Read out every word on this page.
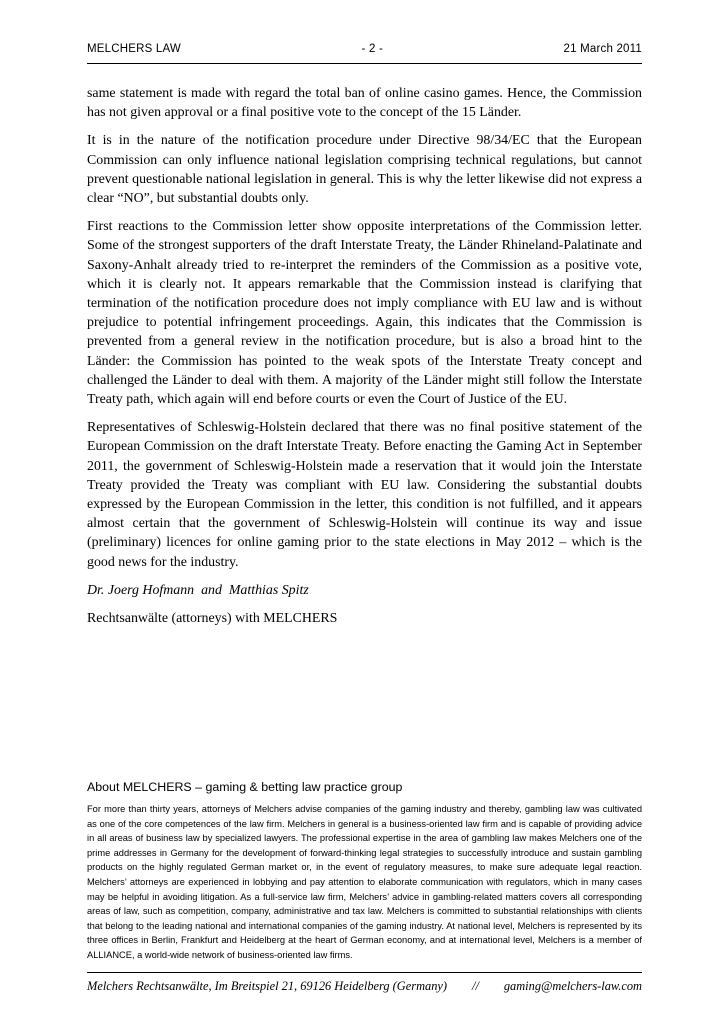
MELCHERS LAW	- 2 -	21 March 2011

same statement is made with regard the total ban of online casino games. Hence, the Commission has not given approval or a final positive vote to the concept of the 15 Länder.

It is in the nature of the notification procedure under Directive 98/34/EC that the European Commission can only influence national legislation comprising technical regulations, but cannot prevent questionable national legislation in general. This is why the letter likewise did not express a clear “NO”, but substantial doubts only.

First reactions to the Commission letter show opposite interpretations of the Commission letter. Some of the strongest supporters of the draft Interstate Treaty, the Länder Rhineland-Palatinate and Saxony-Anhalt already tried to re-interpret the reminders of the Commission as a positive vote, which it is clearly not. It appears remarkable that the Commission instead is clarifying that termination of the notification procedure does not imply compliance with EU law and is without prejudice to potential infringement proceedings. Again, this indicates that the Commission is prevented from a general review in the notification procedure, but is also a broad hint to the Länder: the Commission has pointed to the weak spots of the Interstate Treaty concept and challenged the Länder to deal with them. A majority of the Länder might still follow the Interstate Treaty path, which again will end before courts or even the Court of Justice of the EU.

Representatives of Schleswig-Holstein declared that there was no final positive statement of the European Commission on the draft Interstate Treaty. Before enacting the Gaming Act in September 2011, the government of Schleswig-Holstein made a reservation that it would join the Interstate Treaty provided the Treaty was compliant with EU law. Considering the substantial doubts expressed by the European Commission in the letter, this condition is not fulfilled, and it appears almost certain that the government of Schleswig-Holstein will continue its way and issue (preliminary) licences for online gaming prior to the state elections in May 2012 – which is the good news for the industry.

Dr. Joerg Hofmann  and  Matthias Spitz

Rechtsanwälte (attorneys) with MELCHERS

About MELCHERS – gaming & betting law practice group

For more than thirty years, attorneys of Melchers advise companies of the gaming industry and thereby, gambling law was cultivated as one of the core competences of the law firm. Melchers in general is a business-oriented law firm and is capable of providing advice in all areas of business law by specialized lawyers. The professional expertise in the area of gambling law makes Melchers one of the prime addresses in Germany for the development of forward-thinking legal strategies to successfully introduce and sustain gambling products on the highly regulated German market or, in the event of regulatory measures, to make sure adequate legal reaction. Melchers’ attorneys are experienced in lobbying and pay attention to elaborate communication with regulators, which in many cases may be helpful in avoiding litigation. As a full-service law firm, Melchers’ advice in gambling-related matters covers all corresponding areas of law, such as competition, company, administrative and tax law. Melchers is committed to substantial relationships with clients that belong to the leading national and international companies of the gaming industry. At national level, Melchers is represented by its three offices in Berlin, Frankfurt and Heidelberg at the heart of German economy, and at international level, Melchers is a member of ALLIANCE, a world-wide network of business-oriented law firms.

Melchers Rechtsanwälte, Im Breitspiel 21, 69126 Heidelberg (Germany) // gaming@melchers-law.com
